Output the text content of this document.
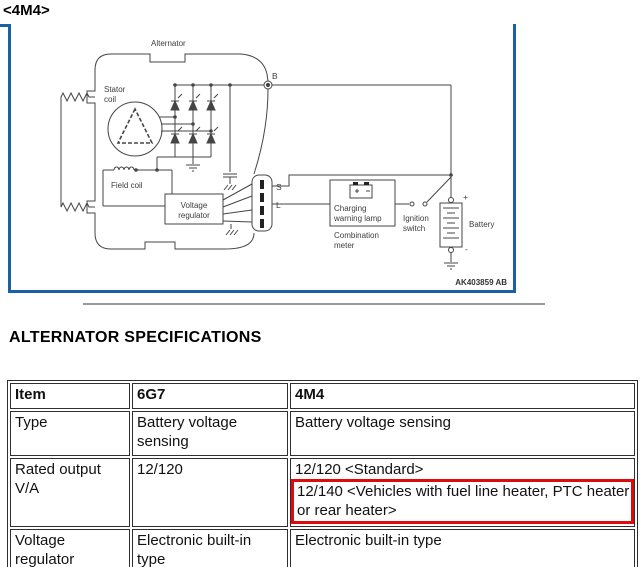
<4M4>
Alternator
Stator
coil
Field coil
Voltage
regulator
B
S
L	Charging
warning lamp
Combination
meter
Ignition
switch	Battery
+
-
AK403859 AB
ALTERNATOR SPECIFICATIONS
Item	6G7	4M4
Type	Battery voltage sensing	Battery voltage sensing
Rated output V/A	12/120	12/120 <Standard>
12/140 <Vehicles with fuel line heater, PTC heater or rear heater>

Voltage regulator	Electronic built-in type	Electronic built-in type
